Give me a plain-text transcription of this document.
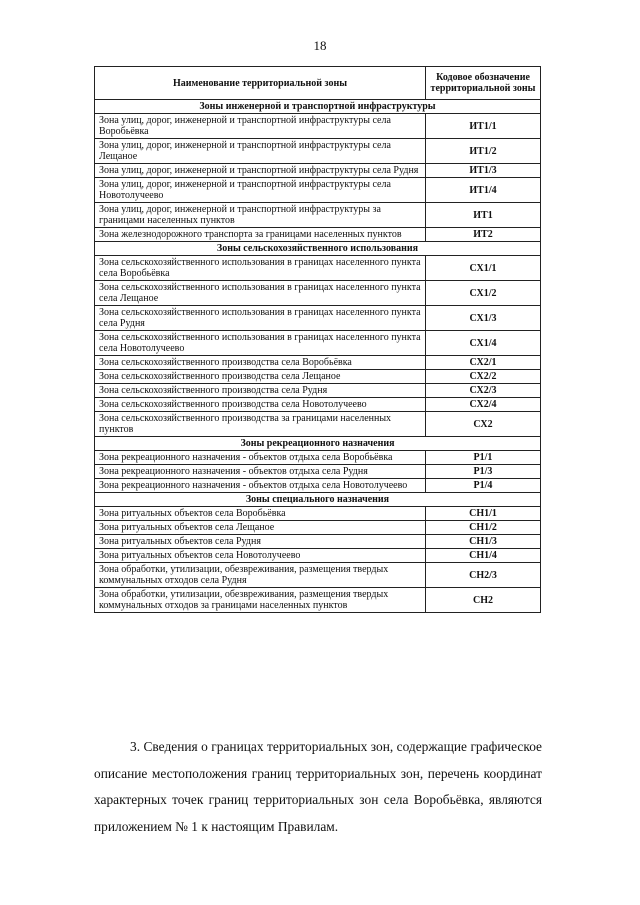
18
Наименование территориальной зоны	Кодовое обозначение территориальной зоны
Зоны инженерной и транспортной инфраструктуры	
Зона улиц, дорог, инженерной и транспортной инфраструктуры села Воробьёвка	ИТ1/1
Зона улиц, дорог, инженерной и транспортной инфраструктуры села Лещаное	ИТ1/2
Зона улиц, дорог, инженерной и транспортной инфраструктуры села Рудня	ИТ1/3
Зона улиц, дорог, инженерной и транспортной инфраструктуры села Новотолучеево	ИТ1/4
Зона улиц, дорог, инженерной и транспортной инфраструктуры за границами населенных пунктов	ИТ1
Зона железнодорожного транспорта за границами населенных пунктов	ИТ2
Зоны сельскохозяйственного использования	
Зона сельскохозяйственного использования в границах населенного пункта села Воробьёвка	СХ1/1
Зона сельскохозяйственного использования в границах населенного пункта села Лещаное	СХ1/2
Зона сельскохозяйственного использования в границах населенного пункта села Рудня	СХ1/3
Зона сельскохозяйственного использования в границах населенного пункта села Новотолучеево	СХ1/4
Зона сельскохозяйственного производства села Воробьёвка	СХ2/1
Зона сельскохозяйственного производства села Лещаное	СХ2/2
Зона сельскохозяйственного производства села Рудня	СХ2/3
Зона сельскохозяйственного производства села Новотолучеево	СХ2/4
Зона сельскохозяйственного производства за границами населенных пунктов	СХ2
Зоны рекреационного назначения	
Зона рекреационного назначения - объектов отдыха села Воробьёвка	Р1/1
Зона рекреационного назначения - объектов отдыха села Рудня	Р1/3
Зона рекреационного назначения - объектов отдыха села Новотолучеево	Р1/4
Зоны специального назначения	
Зона ритуальных объектов села Воробьёвка	СН1/1
Зона ритуальных объектов села Лещаное	СН1/2
Зона ритуальных объектов села Рудня	СН1/3
Зона ритуальных объектов села Новотолучеево	СН1/4
Зона обработки, утилизации, обезвреживания, размещения твердых коммунальных отходов села Рудня	СН2/3
Зона обработки, утилизации, обезвреживания, размещения твердых коммунальных отходов за границами населенных пунктов	СН2
3. Сведения о границах территориальных зон, содержащие графическое описание местоположения границ территориальных зон, перечень координат характерных точек границ территориальных зон села Воробьёвка, являются приложением № 1 к настоящим Правилам.
